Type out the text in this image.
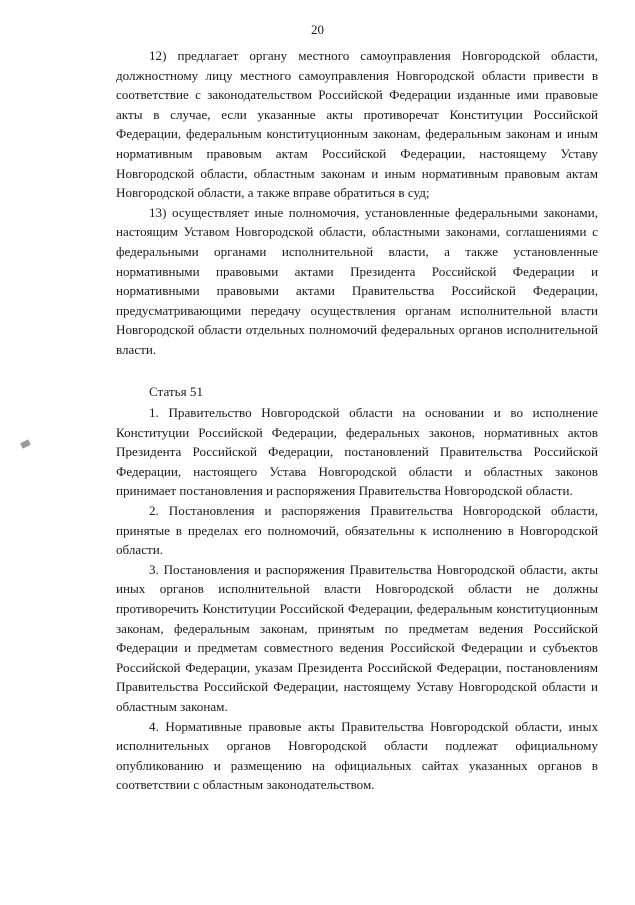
20

12) предлагает органу местного самоуправления Новгородской области, должностному лицу местного самоуправления Новгородской области привести в соответствие с законодательством Российской Федерации изданные ими правовые акты в случае, если указанные акты противоречат Конституции Российской Федерации, федеральным конституционным законам, федеральным законам и иным нормативным правовым актам Российской Федерации, настоящему Уставу Новгородской области, областным законам и иным нормативным правовым актам Новгородской области, а также вправе обратиться в суд;

13) осуществляет иные полномочия, установленные федеральными законами, настоящим Уставом Новгородской области, областными законами, соглашениями с федеральными органами исполнительной власти, а также установленные нормативными правовыми актами Президента Российской Федерации и нормативными правовыми актами Правительства Российской Федерации, предусматривающими передачу осуществления органам исполнительной власти Новгородской области отдельных полномочий федеральных органов исполнительной власти.

Статья 51

1. Правительство Новгородской области на основании и во исполнение Конституции Российской Федерации, федеральных законов, нормативных актов Президента Российской Федерации, постановлений Правительства Российской Федерации, настоящего Устава Новгородской области и областных законов принимает постановления и распоряжения Правительства Новгородской области.

2. Постановления и распоряжения Правительства Новгородской области, принятые в пределах его полномочий, обязательны к исполнению в Новгородской области.

3. Постановления и распоряжения Правительства Новгородской области, акты иных органов исполнительной власти Новгородской области не должны противоречить Конституции Российской Федерации, федеральным конституционным законам, федеральным законам, принятым по предметам ведения Российской Федерации и предметам совместного ведения Российской Федерации и субъектов Российской Федерации, указам Президента Российской Федерации, постановлениям Правительства Российской Федерации, настоящему Уставу Новгородской области и областным законам.

4. Нормативные правовые акты Правительства Новгородской области, иных исполнительных органов Новгородской области подлежат официальному опубликованию и размещению на официальных сайтах указанных органов в соответствии с областным законодательством.
